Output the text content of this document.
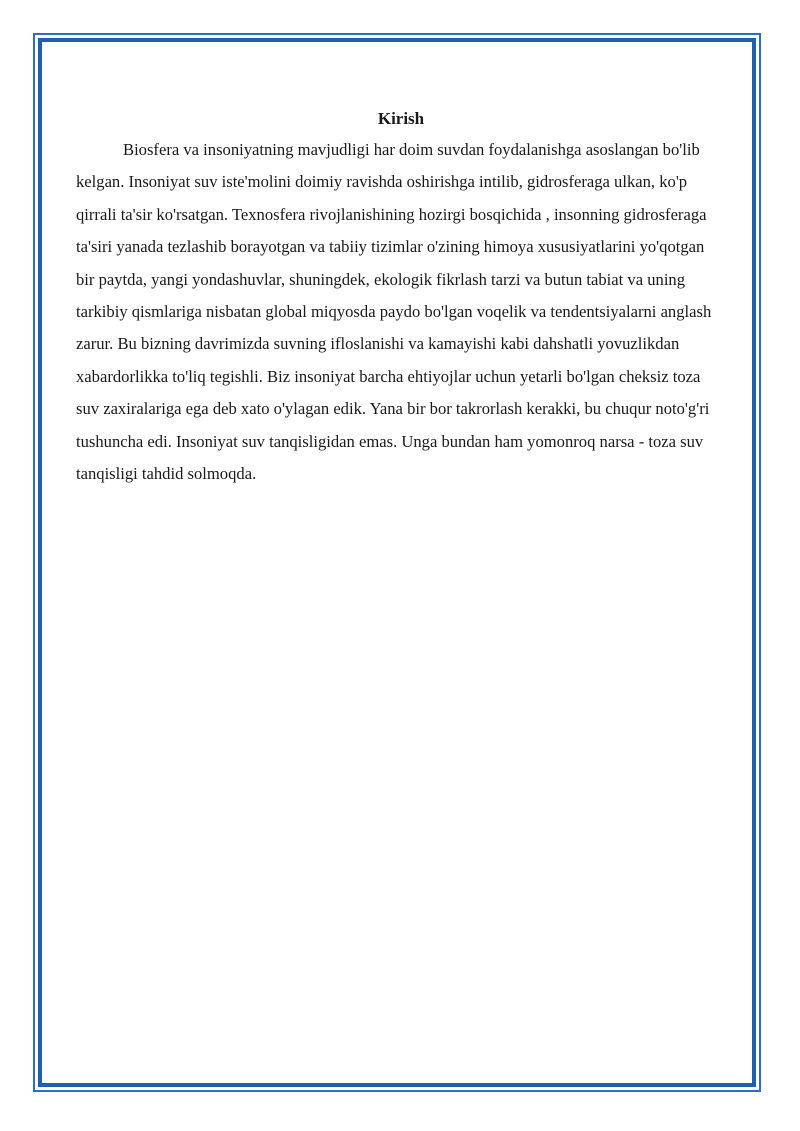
Kirish

Biosfera va insoniyatning mavjudligi har doim suvdan foydalanishga asoslangan bo'lib kelgan. Insoniyat suv iste'molini doimiy ravishda oshirishga intilib, gidrosferaga ulkan, ko'p qirrali ta'sir ko'rsatgan. Texnosfera rivojlanishining hozirgi bosqichida , insonning gidrosferaga ta'siri yanada tezlashib borayotgan va tabiiy tizimlar o'zining himoya xususiyatlarini yo'qotgan bir paytda, yangi yondashuvlar, shuningdek, ekologik fikrlash tarzi va butun tabiat va uning tarkibiy qismlariga nisbatan global miqyosda paydo bo'lgan voqelik va tendentsiyalarni anglash zarur. Bu bizning davrimizda suvning ifloslanishi va kamayishi kabi dahshatli yovuzlikdan xabardorlikka to'liq tegishli. Biz insoniyat barcha ehtiyojlar uchun yetarli bo'lgan cheksiz toza suv zaxiralariga ega deb xato o'ylagan edik. Yana bir bor takrorlash kerakki, bu chuqur noto'g'ri tushuncha edi. Insoniyat suv tanqisligidan emas. Unga bundan ham yomonroq narsa - toza suv tanqisligi tahdid solmoqda.
